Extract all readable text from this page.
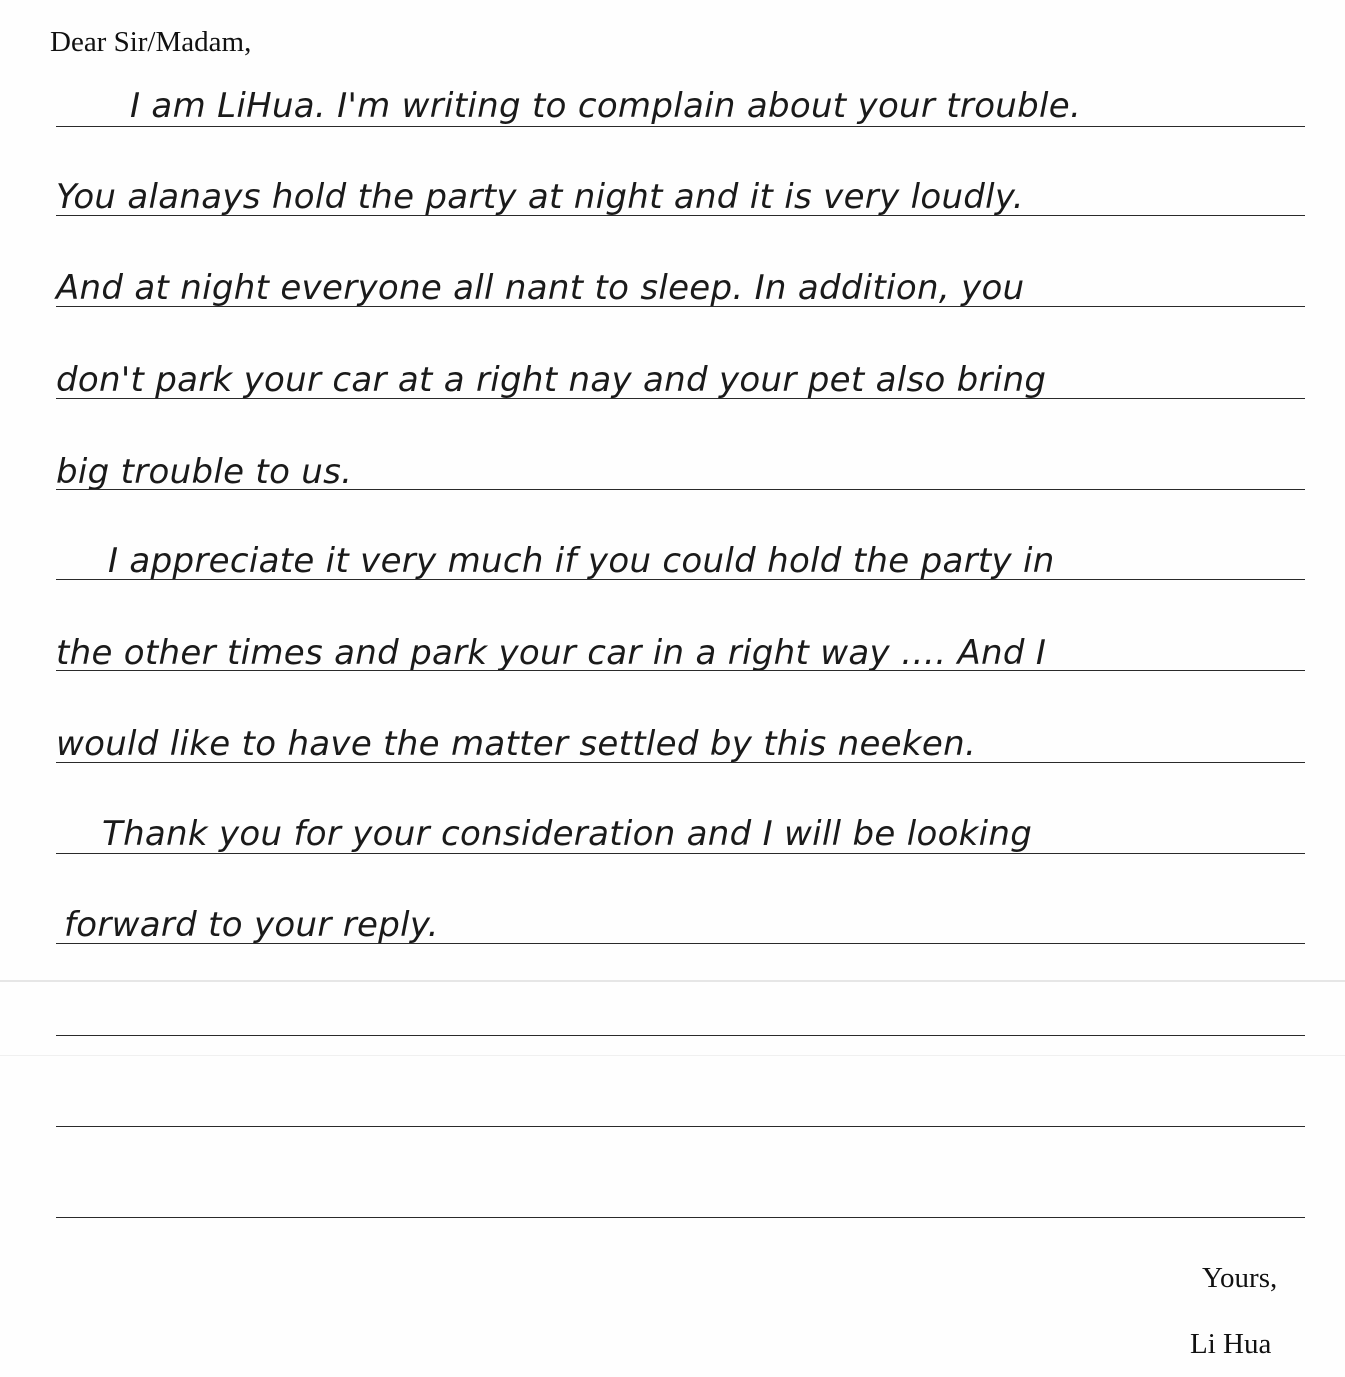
Dear Sir/Madam,
I am LiHua. I'm writing to complain about your trouble.
You alanays hold the party at night and it is very loudly.
And at night everyone all nant to sleep. In addition, you
don't park your car at a right nay and your pet also bring
big trouble to us.
I appreciate it very much if you could hold the party in
the other times and park your car in a right way …. And I
would like to have the matter settled by this neeken.
Thank you for your consideration and I will be looking
forward to your reply.
Yours,
Li Hua
